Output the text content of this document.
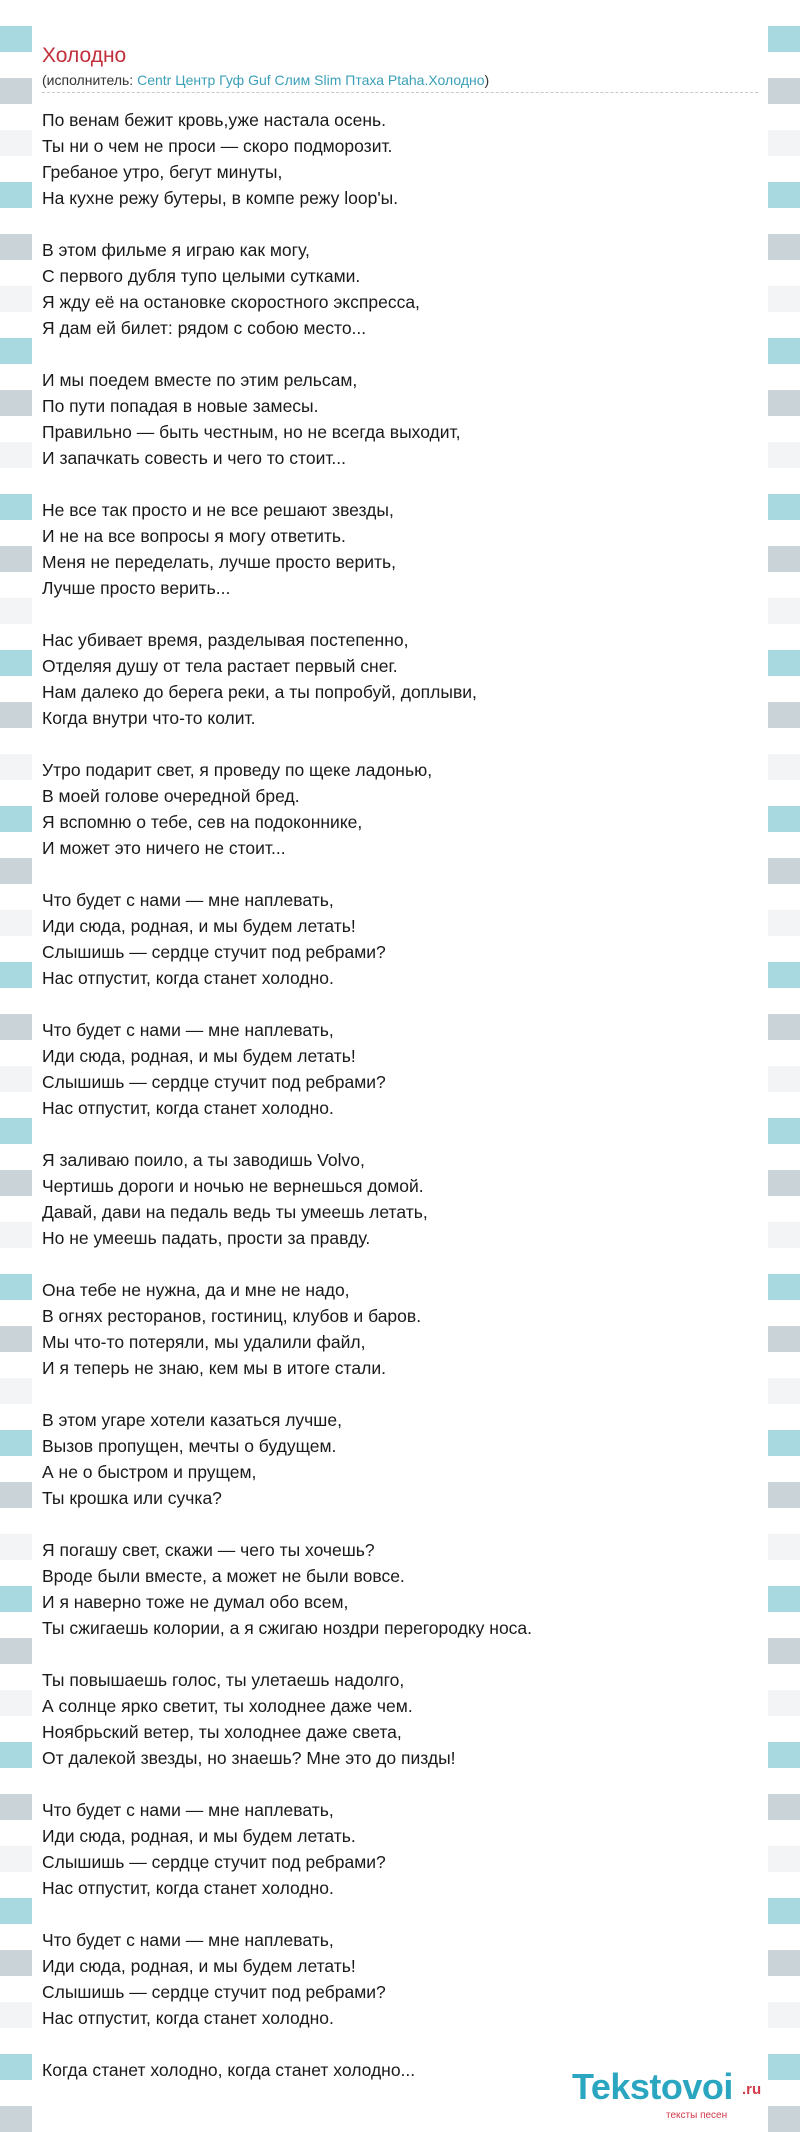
Холодно
(исполнитель: Centr Центр Гуф Guf Слим Slim Птаха Ptaha.Холодно)
По венам бежит кровь,уже настала осень.
Ты ни о чем не проси — скоро подморозит.
Гребаное утро, бегут минуты,
На кухне режу бутеры, в компе режу loop'ы.
В этом фильме я играю как могу,
С первого дубля тупо целыми сутками.
Я жду её на остановке скоростного экспресса,
Я дам ей билет: рядом с собою место...
И мы поедем вместе по этим рельсам,
По пути попадая в новые замесы.
Правильно — быть честным, но не всегда выходит,
И запачкать совесть и чего то стоит...
Не все так просто и не все решают звезды,
И не на все вопросы я могу ответить.
Меня не переделать, лучше просто верить,
Лучше просто верить...
Нас убивает время, разделывая постепенно,
Отделяя душу от тела растает первый снег.
Нам далеко до берега реки, а ты попробуй, доплыви,
Когда внутри что-то колит.
Утро подарит свет, я проведу по щеке ладонью,
В моей голове очередной бред.
Я вспомню о тебе, сев на подоконнике,
И может это ничего не стоит...
Что будет с нами — мне наплевать,
Иди сюда, родная, и мы будем летать!
Слышишь — сердце стучит под ребрами?
Нас отпустит, когда станет холодно.
Что будет с нами — мне наплевать,
Иди сюда, родная, и мы будем летать!
Слышишь — сердце стучит под ребрами?
Нас отпустит, когда станет холодно.
Я заливаю поило, а ты заводишь Volvo,
Чертишь дороги и ночью не вернешься домой.
Давай, дави на педаль ведь ты умеешь летать,
Но не умеешь падать, прости за правду.
Она тебе не нужна, да и мне не надо,
В огнях ресторанов, гостиниц, клубов и баров.
Мы что-то потеряли, мы удалили файл,
И я теперь не знаю, кем мы в итоге стали.
В этом угаре хотели казаться лучше,
Вызов пропущен, мечты о будущем.
А не о быстром и прущем,
Ты крошка или сучка?
Я погашу свет, скажи — чего ты хочешь?
Вроде были вместе, а может не были вовсе.
И я наверно тоже не думал обо всем,
Ты сжигаешь колории, а я сжигаю ноздри перегородку носа.
Ты повышаешь голос, ты улетаешь надолго,
А солнце ярко светит, ты холоднее даже чем.
Ноябрьский ветер, ты холоднее даже света,
От далекой звезды, но знаешь? Мне это до пизды!
Что будет с нами — мне наплевать,
Иди сюда, родная, и мы будем летать.
Слышишь — сердце стучит под ребрами?
Нас отпустит, когда станет холодно.
Что будет с нами — мне наплевать,
Иди сюда, родная, и мы будем летать!
Слышишь — сердце стучит под ребрами?
Нас отпустит, когда станет холодно.
Когда станет холодно, когда станет холодно...	Tekstovoi .ru
тексты песен
